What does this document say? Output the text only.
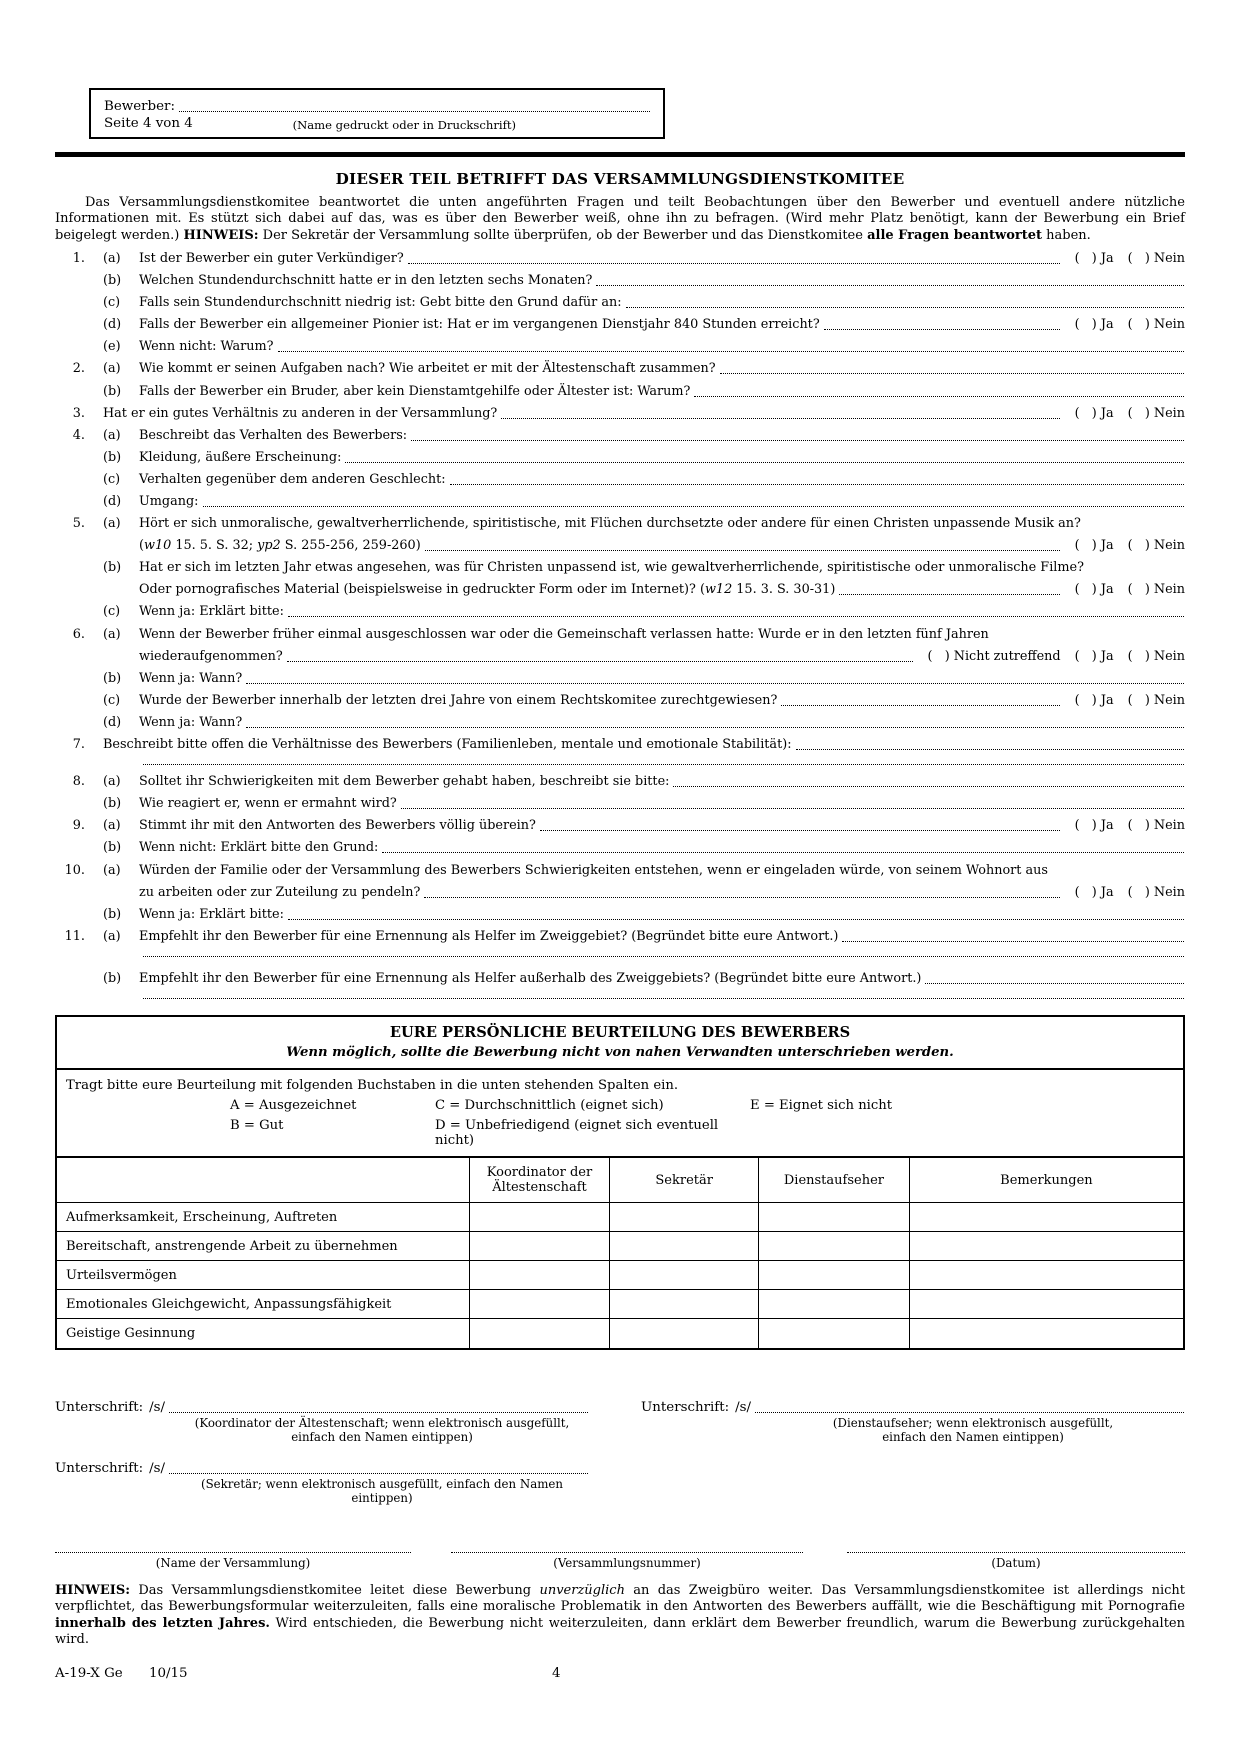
Bewerber:
Seite 4 von 4	(Name gedruckt oder in Druckschrift)
DIESER TEIL BETRIFFT DAS VERSAMMLUNGSDIENSTKOMITEE

Das Versammlungsdienstkomitee beantwortet die unten angeführten Fragen und teilt Beobachtungen über den Bewerber und eventuell andere nützliche Informationen mit. Es stützt sich dabei auf das, was es über den Bewerber weiß, ohne ihn zu befragen. (Wird mehr Platz benötigt, kann der Bewerbung ein Brief beigelegt werden.) HINWEIS: Der Sekretär der Versammlung sollte überprüfen, ob der Bewerber und das Dienstkomitee alle Fragen beantwortet haben.

1.	(a)	Ist der Bewerber ein guter Verkündiger?	(   ) Ja (   ) Nein
(b)	Welchen Stundendurchschnitt hatte er in den letzten sechs Monaten?
(c)	Falls sein Stundendurchschnitt niedrig ist: Gebt bitte den Grund dafür an:
(d)	Falls der Bewerber ein allgemeiner Pionier ist: Hat er im vergangenen Dienstjahr 840 Stunden erreicht?	(   ) Ja (   ) Nein
(e)	Wenn nicht: Warum?
2.	(a)	Wie kommt er seinen Aufgaben nach? Wie arbeitet er mit der Ältestenschaft zusammen?
(b)	Falls der Bewerber ein Bruder, aber kein Dienstamtgehilfe oder Ältester ist: Warum?
3. Hat er ein gutes Verhältnis zu anderen in der Versammlung?	(   ) Ja (   ) Nein
4.	(a)	Beschreibt das Verhalten des Bewerbers:
(b)	Kleidung, äußere Erscheinung:
(c)	Verhalten gegenüber dem anderen Geschlecht:
(d)	Umgang:
5.	(a)	Hört er sich unmoralische, gewaltverherrlichende, spiritistische, mit Flüchen durchsetzte oder andere für einen Christen unpassende Musik an?
(w10 15. 5. S. 32; yp2 S. 255-256, 259-260)	(   ) Ja (   ) Nein
(b)	Hat er sich im letzten Jahr etwas angesehen, was für Christen unpassend ist, wie gewaltverherrlichende, spiritistische oder unmoralische Filme?
Oder pornografisches Material (beispielsweise in gedruckter Form oder im Internet)? (w12 15. 3. S. 30-31)	(   ) Ja (   ) Nein
(c)	Wenn ja: Erklärt bitte:
6.	(a)	Wenn der Bewerber früher einmal ausgeschlossen war oder die Gemeinschaft verlassen hatte: Wurde er in den letzten fünf Jahren
wiederaufgenommen?	(   ) Nicht zutreffend (   ) Ja (   ) Nein
(b)	Wenn ja: Wann?
(c)	Wurde der Bewerber innerhalb der letzten drei Jahre von einem Rechtskomitee zurechtgewiesen?	(   ) Ja (   ) Nein
(d)	Wenn ja: Wann?
7. Beschreibt bitte offen die Verhältnisse des Bewerbers (Familienleben, mentale und emotionale Stabilität):
8.	(a)	Solltet ihr Schwierigkeiten mit dem Bewerber gehabt haben, beschreibt sie bitte:
(b)	Wie reagiert er, wenn er ermahnt wird?
9.	(a)	Stimmt ihr mit den Antworten des Bewerbers völlig überein?	(   ) Ja (   ) Nein
(b)	Wenn nicht: Erklärt bitte den Grund:
10.	(a)	Würden der Familie oder der Versammlung des Bewerbers Schwierigkeiten entstehen, wenn er eingeladen würde, von seinem Wohnort aus
zu arbeiten oder zur Zuteilung zu pendeln?	(   ) Ja (   ) Nein
(b)	Wenn ja: Erklärt bitte:
11.	(a)	Empfehlt ihr den Bewerber für eine Ernennung als Helfer im Zweiggebiet? (Begründet bitte eure Antwort.)
(b)	Empfehlt ihr den Bewerber für eine Ernennung als Helfer außerhalb des Zweiggebiets? (Begründet bitte eure Antwort.)
EURE PERSÖNLICHE BEURTEILUNG DES BEWERBERS
Wenn möglich, sollte die Bewerbung nicht von nahen Verwandten unterschrieben werden.
Tragt bitte eure Beurteilung mit folgenden Buchstaben in die unten stehenden Spalten ein.
A = Ausgezeichnet	C = Durchschnittlich (eignet sich)	E = Eignet sich nicht
B = Gut	D = Unbefriedigend (eignet sich eventuell nicht)
	Koordinator der Ältestenschaft	Sekretär	Dienstaufseher	Bemerkungen
Aufmerksamkeit, Erscheinung, Auftreten				
Bereitschaft, anstrengende Arbeit zu übernehmen				
Urteilsvermögen				
Emotionales Gleichgewicht, Anpassungsfähigkeit				
Geistige Gesinnung				
Unterschrift: /s/
(Koordinator der Ältestenschaft; wenn elektronisch ausgefüllt,
einfach den Namen eintippen)
Unterschrift: /s/
(Dienstaufseher; wenn elektronisch ausgefüllt,
einfach den Namen eintippen)
Unterschrift: /s/
(Sekretär; wenn elektronisch ausgefüllt, einfach den Namen eintippen)
(Name der Versammlung)	(Versammlungsnummer)	(Datum)

HINWEIS: Das Versammlungsdienstkomitee leitet diese Bewerbung unverzüglich an das Zweigbüro weiter. Das Versammlungsdienstkomitee ist allerdings nicht verpflichtet, das Bewerbungsformular weiterzuleiten, falls eine moralische Problematik in den Antworten des Bewerbers auffällt, wie die Beschäftigung mit Pornografie innerhalb des letzten Jahres. Wird entschieden, die Bewerbung nicht weiterzuleiten, dann erklärt dem Bewerber freundlich, warum die Bewerbung zurückgehalten wird.

A-19-X Ge 10/15	4
